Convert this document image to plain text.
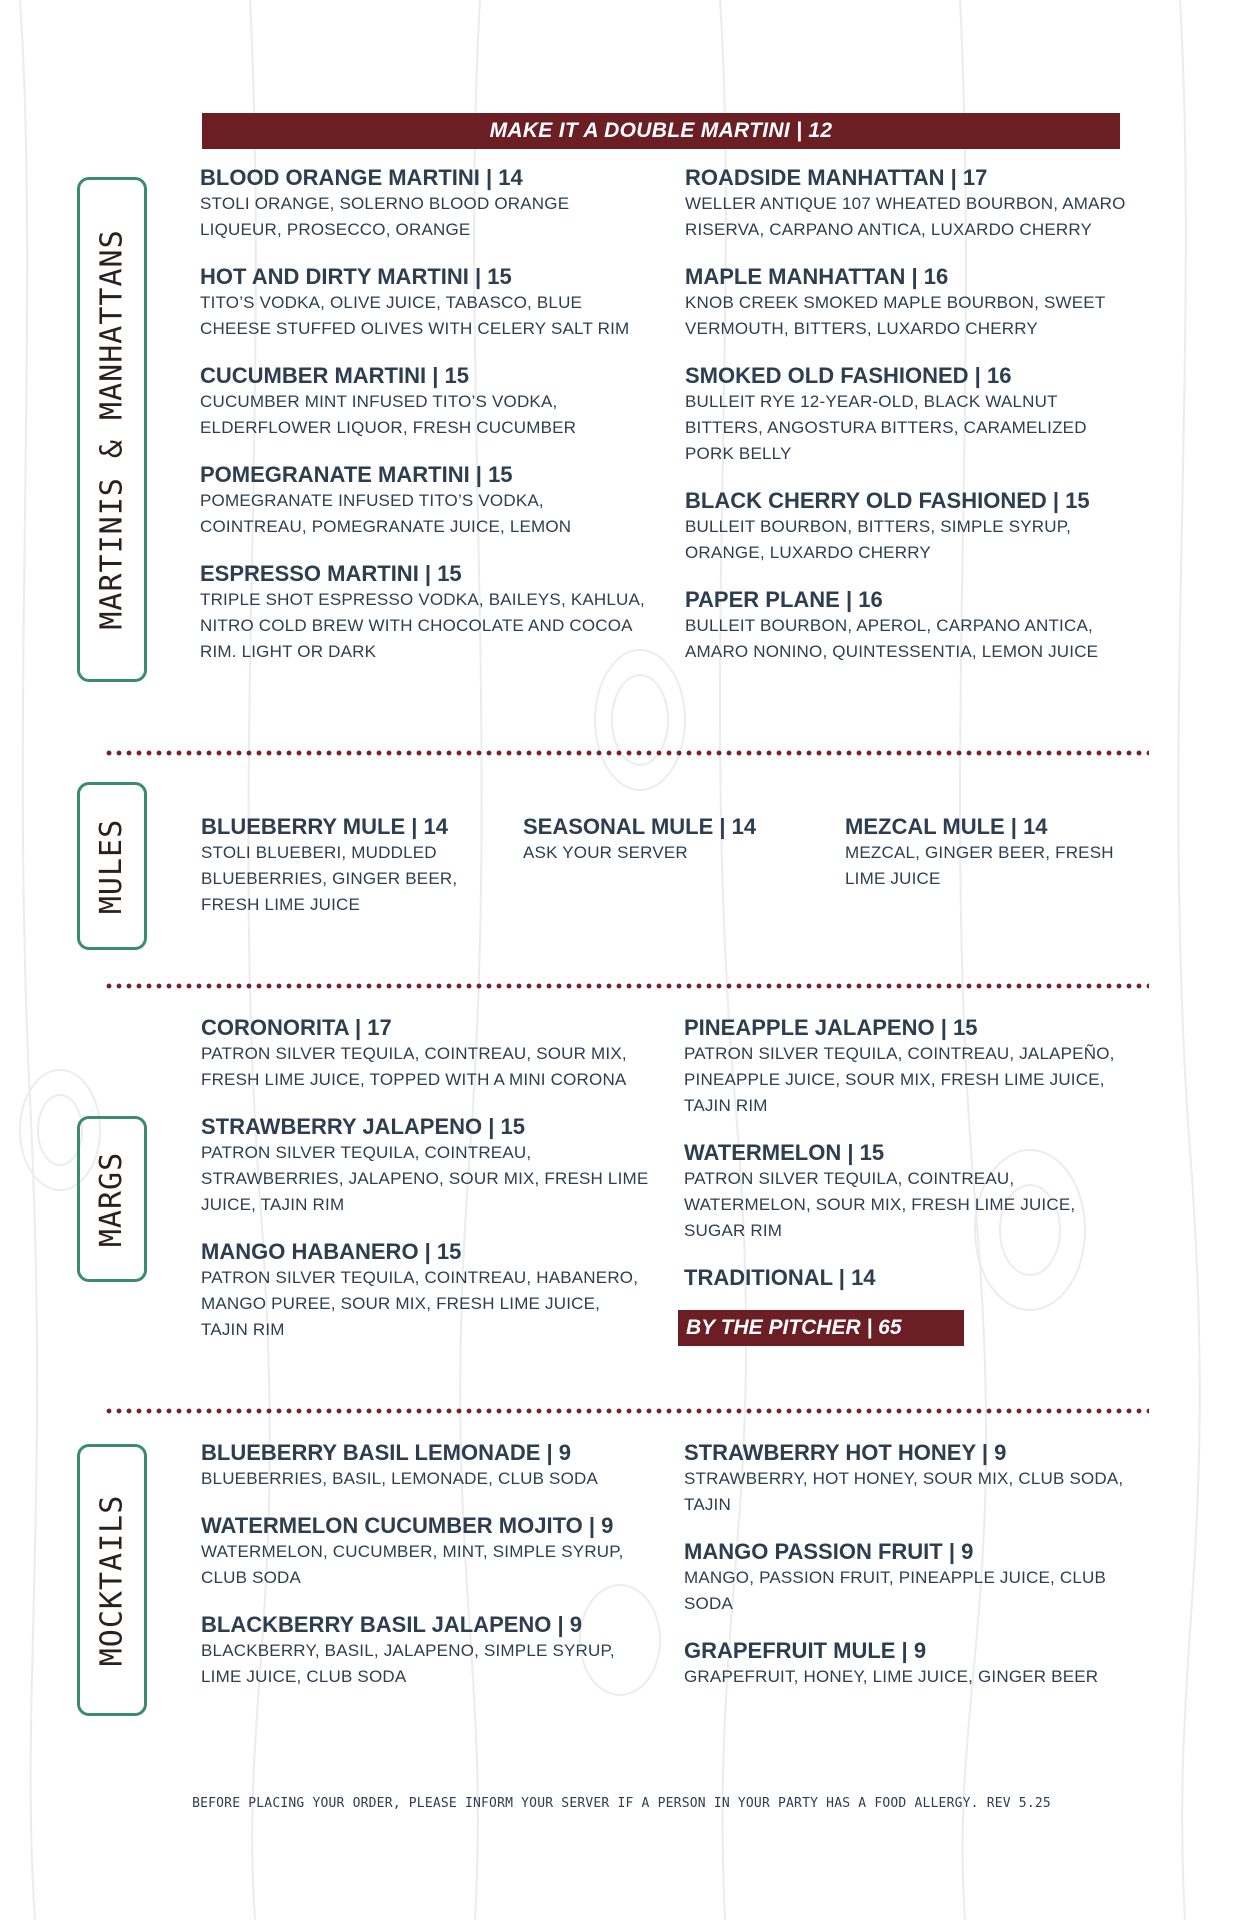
MAKE IT A DOUBLE MARTINI | 12
MARTINIS & MANHATTANS
MULES
MARGS
MOCKTAILS
BLOOD ORANGE MARTINI | 14
STOLI ORANGE, SOLERNO BLOOD ORANGE LIQUEUR, PROSECCO, ORANGE
HOT AND DIRTY MARTINI | 15
TITO’S VODKA, OLIVE JUICE, TABASCO, BLUE CHEESE STUFFED OLIVES WITH CELERY SALT RIM
CUCUMBER MARTINI | 15
CUCUMBER MINT INFUSED TITO’S VODKA, ELDERFLOWER LIQUOR, FRESH CUCUMBER
POMEGRANATE MARTINI | 15
POMEGRANATE INFUSED TITO’S VODKA, COINTREAU, POMEGRANATE JUICE, LEMON
ESPRESSO MARTINI | 15
TRIPLE SHOT ESPRESSO VODKA, BAILEYS, KAHLUA, NITRO COLD BREW WITH CHOCOLATE AND COCOA RIM. LIGHT OR DARK
ROADSIDE MANHATTAN | 17
WELLER ANTIQUE 107 WHEATED BOURBON, AMARO RISERVA, CARPANO ANTICA, LUXARDO CHERRY
MAPLE MANHATTAN | 16
KNOB CREEK SMOKED MAPLE BOURBON, SWEET VERMOUTH, BITTERS, LUXARDO CHERRY
SMOKED OLD FASHIONED | 16
BULLEIT RYE 12-YEAR-OLD, BLACK WALNUT BITTERS, ANGOSTURA BITTERS, CARAMELIZED PORK BELLY
BLACK CHERRY OLD FASHIONED | 15
BULLEIT BOURBON, BITTERS, SIMPLE SYRUP, ORANGE, LUXARDO CHERRY
PAPER PLANE | 16
BULLEIT BOURBON, APEROL, CARPANO ANTICA, AMARO NONINO, QUINTESSENTIA, LEMON JUICE
BLUEBERRY MULE | 14
STOLI BLUEBERI, MUDDLED BLUEBERRIES, GINGER BEER, FRESH LIME JUICE
SEASONAL MULE | 14
ASK YOUR SERVER
MEZCAL MULE | 14
MEZCAL, GINGER BEER, FRESH LIME JUICE
CORONORITA | 17
PATRON SILVER TEQUILA, COINTREAU, SOUR MIX, FRESH LIME JUICE, TOPPED WITH A MINI CORONA
STRAWBERRY JALAPENO | 15
PATRON SILVER TEQUILA, COINTREAU, STRAWBERRIES, JALAPENO, SOUR MIX, FRESH LIME JUICE, TAJIN RIM
MANGO HABANERO | 15
PATRON SILVER TEQUILA, COINTREAU, HABANERO, MANGO PUREE, SOUR MIX, FRESH LIME JUICE, TAJIN RIM
PINEAPPLE JALAPENO | 15
PATRON SILVER TEQUILA, COINTREAU, JALAPEÑO, PINEAPPLE JUICE, SOUR MIX, FRESH LIME JUICE, TAJIN RIM
WATERMELON | 15
PATRON SILVER TEQUILA, COINTREAU, WATERMELON, SOUR MIX, FRESH LIME JUICE, SUGAR RIM
TRADITIONAL | 14
BY THE PITCHER | 65
BLUEBERRY BASIL LEMONADE | 9
BLUEBERRIES, BASIL, LEMONADE, CLUB SODA
WATERMELON CUCUMBER MOJITO | 9
WATERMELON, CUCUMBER, MINT, SIMPLE SYRUP, CLUB SODA
BLACKBERRY BASIL JALAPENO | 9
BLACKBERRY, BASIL, JALAPENO, SIMPLE SYRUP, LIME JUICE, CLUB SODA
STRAWBERRY HOT HONEY | 9
STRAWBERRY, HOT HONEY, SOUR MIX, CLUB SODA, TAJIN
MANGO PASSION FRUIT | 9
MANGO, PASSION FRUIT, PINEAPPLE JUICE, CLUB SODA
GRAPEFRUIT MULE | 9
GRAPEFRUIT, HONEY, LIME JUICE, GINGER BEER
BEFORE PLACING YOUR ORDER, PLEASE INFORM YOUR SERVER IF A PERSON IN YOUR PARTY HAS A FOOD ALLERGY. REV 5.25
